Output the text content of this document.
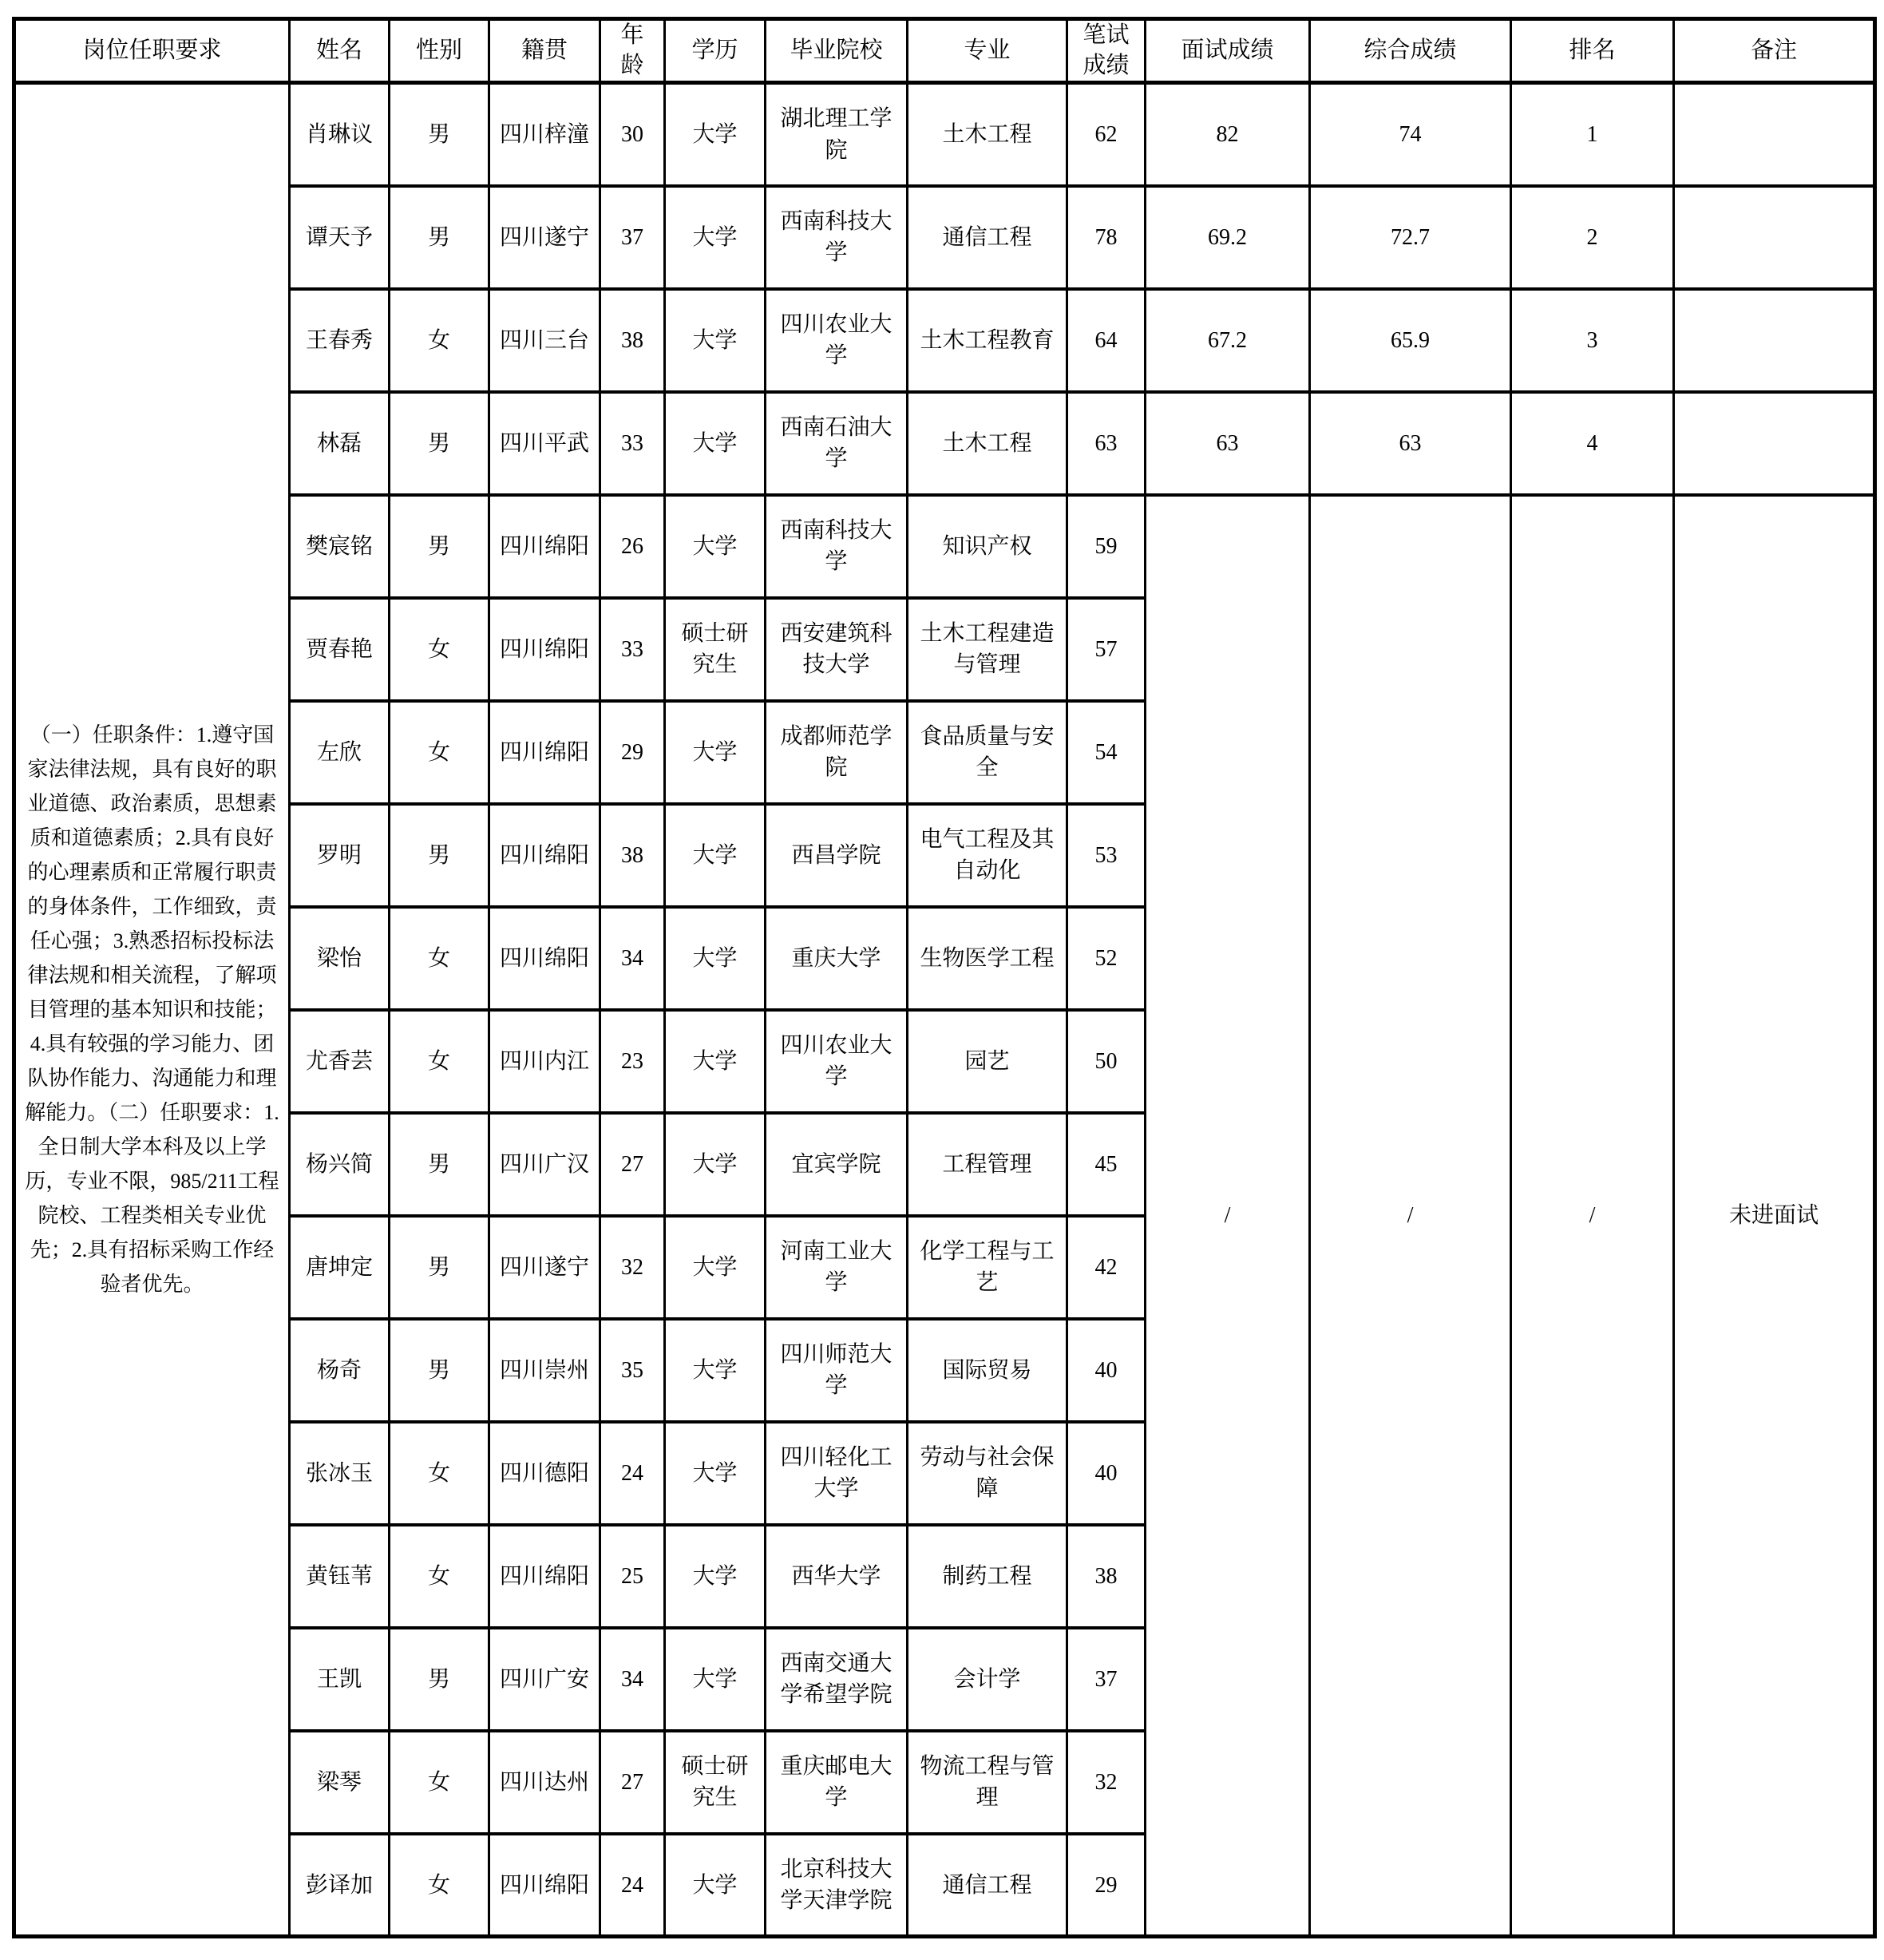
岗位任职要求	姓名	性别	籍贯	年龄	学历	毕业院校	专业	笔试成绩	面试成绩	综合成绩	排名	备注
（一）任职条件：1.遵守国家法律法规，具有良好的职业道德、政治素质，思想素质和道德素质；2.具有良好的心理素质和正常履行职责的身体条件，工作细致，责任心强；3.熟悉招标投标法律法规和相关流程，了解项目管理的基本知识和技能；4.具有较强的学习能力、团队协作能力、沟通能力和理解能力。（二）任职要求：1.全日制大学本科及以上学历，专业不限，985/211工程院校、工程类相关专业优先；2.具有招标采购工作经验者优先。	肖琳议	男	四川梓潼	30	大学	湖北理工学院	土木工程	62	82	74	1	
	谭天予	男	四川遂宁	37	大学	西南科技大学	通信工程	78	69.2	72.7	2	
	王春秀	女	四川三台	38	大学	四川农业大学	土木工程教育	64	67.2	65.9	3	
	林磊	男	四川平武	33	大学	西南石油大学	土木工程	63	63	63	4	
	樊宸铭	男	四川绵阳	26	大学	西南科技大学	知识产权	59	/	/	/	未进面试
	贾春艳	女	四川绵阳	33	硕士研究生	西安建筑科技大学	土木工程建造与管理	57				
	左欣	女	四川绵阳	29	大学	成都师范学院	食品质量与安全	54				
	罗明	男	四川绵阳	38	大学	西昌学院	电气工程及其自动化	53				
	梁怡	女	四川绵阳	34	大学	重庆大学	生物医学工程	52				
	尤香芸	女	四川内江	23	大学	四川农业大学	园艺	50				
	杨兴简	男	四川广汉	27	大学	宜宾学院	工程管理	45				
	唐坤定	男	四川遂宁	32	大学	河南工业大学	化学工程与工艺	42				
	杨奇	男	四川崇州	35	大学	四川师范大学	国际贸易	40				
	张冰玉	女	四川德阳	24	大学	四川轻化工大学	劳动与社会保障	40				
	黄钰苇	女	四川绵阳	25	大学	西华大学	制药工程	38				
	王凯	男	四川广安	34	大学	西南交通大学希望学院	会计学	37				
	梁琴	女	四川达州	27	硕士研究生	重庆邮电大学	物流工程与管理	32				
	彭译加	女	四川绵阳	24	大学	北京科技大学天津学院	通信工程	29				
